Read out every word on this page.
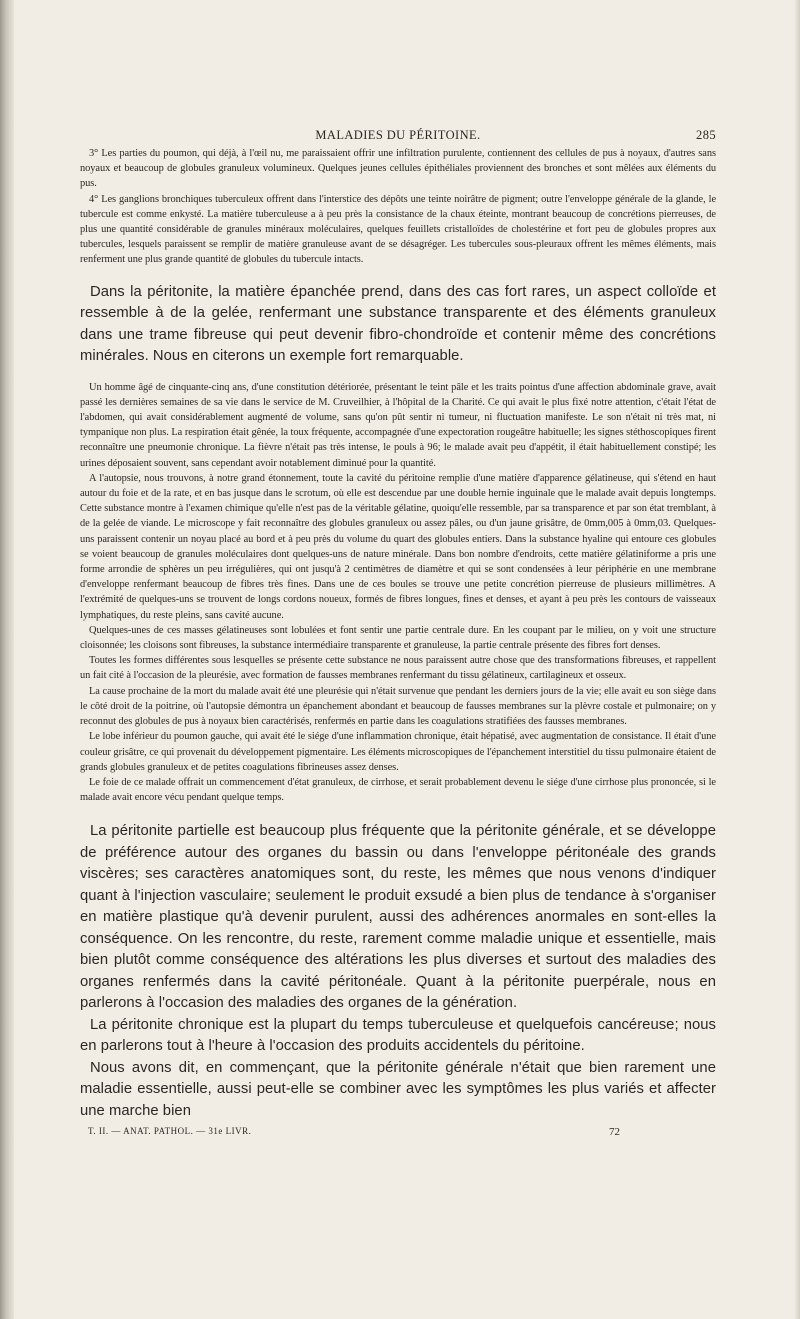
MALADIES DU PÉRITOINE.	285

3° Les parties du poumon, qui déjà, à l'œil nu, me paraissaient offrir une infiltration purulente, contiennent des cellules de pus à noyaux, d'autres sans noyaux et beaucoup de globules granuleux volumineux. Quelques jeunes cellules épithéliales proviennent des bronches et sont mêlées aux éléments du pus.

4° Les ganglions bronchiques tuberculeux offrent dans l'interstice des dépôts une teinte noirâtre de pigment; outre l'enveloppe générale de la glande, le tubercule est comme enkysté. La matière tuberculeuse a à peu près la consistance de la chaux éteinte, montrant beaucoup de concrétions pierreuses, de plus une quantité considérable de granules minéraux moléculaires, quelques feuillets cristalloïdes de cholestérine et fort peu de globules propres aux tubercules, lesquels paraissent se remplir de matière granuleuse avant de se désagréger. Les tubercules sous-pleuraux offrent les mêmes éléments, mais renferment une plus grande quantité de globules du tubercule intacts.

Dans la péritonite, la matière épanchée prend, dans des cas fort rares, un aspect colloïde et ressemble à de la gelée, renfermant une substance transparente et des éléments granuleux dans une trame fibreuse qui peut devenir fibro-chondroïde et contenir même des concrétions minérales. Nous en citerons un exemple fort remarquable.

Un homme âgé de cinquante-cinq ans, d'une constitution détériorée, présentant le teint pâle et les traits pointus d'une affection abdominale grave, avait passé les dernières semaines de sa vie dans le service de M. Cruveilhier, à l'hôpital de la Charité. Ce qui avait le plus fixé notre attention, c'était l'état de l'abdomen, qui avait considérablement augmenté de volume, sans qu'on pût sentir ni tumeur, ni fluctuation manifeste. Le son n'était ni très mat, ni tympanique non plus. La respiration était gênée, la toux fréquente, accompagnée d'une expectoration rougeâtre habituelle; les signes stéthoscopiques firent reconnaître une pneumonie chronique. La fièvre n'était pas très intense, le pouls à 96; le malade avait peu d'appétit, il était habituellement constipé; les urines déposaient souvent, sans cependant avoir notablement diminué pour la quantité.

A l'autopsie, nous trouvons, à notre grand étonnement, toute la cavité du péritoine remplie d'une matière d'apparence gélatineuse, qui s'étend en haut autour du foie et de la rate, et en bas jusque dans le scrotum, où elle est descendue par une double hernie inguinale que le malade avait depuis longtemps. Cette substance montre à l'examen chimique qu'elle n'est pas de la véritable gélatine, quoiqu'elle ressemble, par sa transparence et par son état tremblant, à de la gelée de viande. Le microscope y fait reconnaître des globules granuleux ou assez pâles, ou d'un jaune grisâtre, de 0mm,005 à 0mm,03. Quelques-uns paraissent contenir un noyau placé au bord et à peu près du volume du quart des globules entiers. Dans la substance hyaline qui entoure ces globules se voient beaucoup de granules moléculaires dont quelques-uns de nature minérale. Dans bon nombre d'endroits, cette matière gélatiniforme a pris une forme arrondie de sphères un peu irrégulières, qui ont jusqu'à 2 centimètres de diamètre et qui se sont condensées à leur périphérie en une membrane d'enveloppe renfermant beaucoup de fibres très fines. Dans une de ces boules se trouve une petite concrétion pierreuse de plusieurs millimètres. A l'extrémité de quelques-uns se trouvent de longs cordons noueux, formés de fibres longues, fines et denses, et ayant à peu près les contours de vaisseaux lymphatiques, du reste pleins, sans cavité aucune.

Quelques-unes de ces masses gélatineuses sont lobulées et font sentir une partie centrale dure. En les coupant par le milieu, on y voit une structure cloisonnée; les cloisons sont fibreuses, la substance intermédiaire transparente et granuleuse, la partie centrale présente des fibres fort denses.

Toutes les formes différentes sous lesquelles se présente cette substance ne nous paraissent autre chose que des transformations fibreuses, et rappellent un fait cité à l'occasion de la pleurésie, avec formation de fausses membranes renfermant du tissu gélatineux, cartilagineux et osseux.

La cause prochaine de la mort du malade avait été une pleurésie qui n'était survenue que pendant les derniers jours de la vie; elle avait eu son siège dans le côté droit de la poitrine, où l'autopsie démontra un épanchement abondant et beaucoup de fausses membranes sur la plèvre costale et pulmonaire; on y reconnut des globules de pus à noyaux bien caractérisés, renfermés en partie dans les coagulations stratifiées des fausses membranes.

Le lobe inférieur du poumon gauche, qui avait été le siége d'une inflammation chronique, était hépatisé, avec augmentation de consistance. Il était d'une couleur grisâtre, ce qui provenait du développement pigmentaire. Les éléments microscopiques de l'épanchement interstitiel du tissu pulmonaire étaient de grands globules granuleux et de petites coagulations fibrineuses assez denses.

Le foie de ce malade offrait un commencement d'état granuleux, de cirrhose, et serait probablement devenu le siége d'une cirrhose plus prononcée, si le malade avait encore vécu pendant quelque temps.

La péritonite partielle est beaucoup plus fréquente que la péritonite générale, et se développe de préférence autour des organes du bassin ou dans l'enveloppe péritonéale des grands viscères; ses caractères anatomiques sont, du reste, les mêmes que nous venons d'indiquer quant à l'injection vasculaire; seulement le produit exsudé a bien plus de tendance à s'organiser en matière plastique qu'à devenir purulent, aussi des adhérences anormales en sont-elles la conséquence. On les rencontre, du reste, rarement comme maladie unique et essentielle, mais bien plutôt comme conséquence des altérations les plus diverses et surtout des maladies des organes renfermés dans la cavité péritonéale. Quant à la péritonite puerpérale, nous en parlerons à l'occasion des maladies des organes de la génération.

La péritonite chronique est la plupart du temps tuberculeuse et quelquefois cancéreuse; nous en parlerons tout à l'heure à l'occasion des produits accidentels du péritoine.

Nous avons dit, en commençant, que la péritonite générale n'était que bien rarement une maladie essentielle, aussi peut-elle se combiner avec les symptômes les plus variés et affecter une marche bien

T. II. — ANAT. PATHOL. — 31e LIVR.	72
